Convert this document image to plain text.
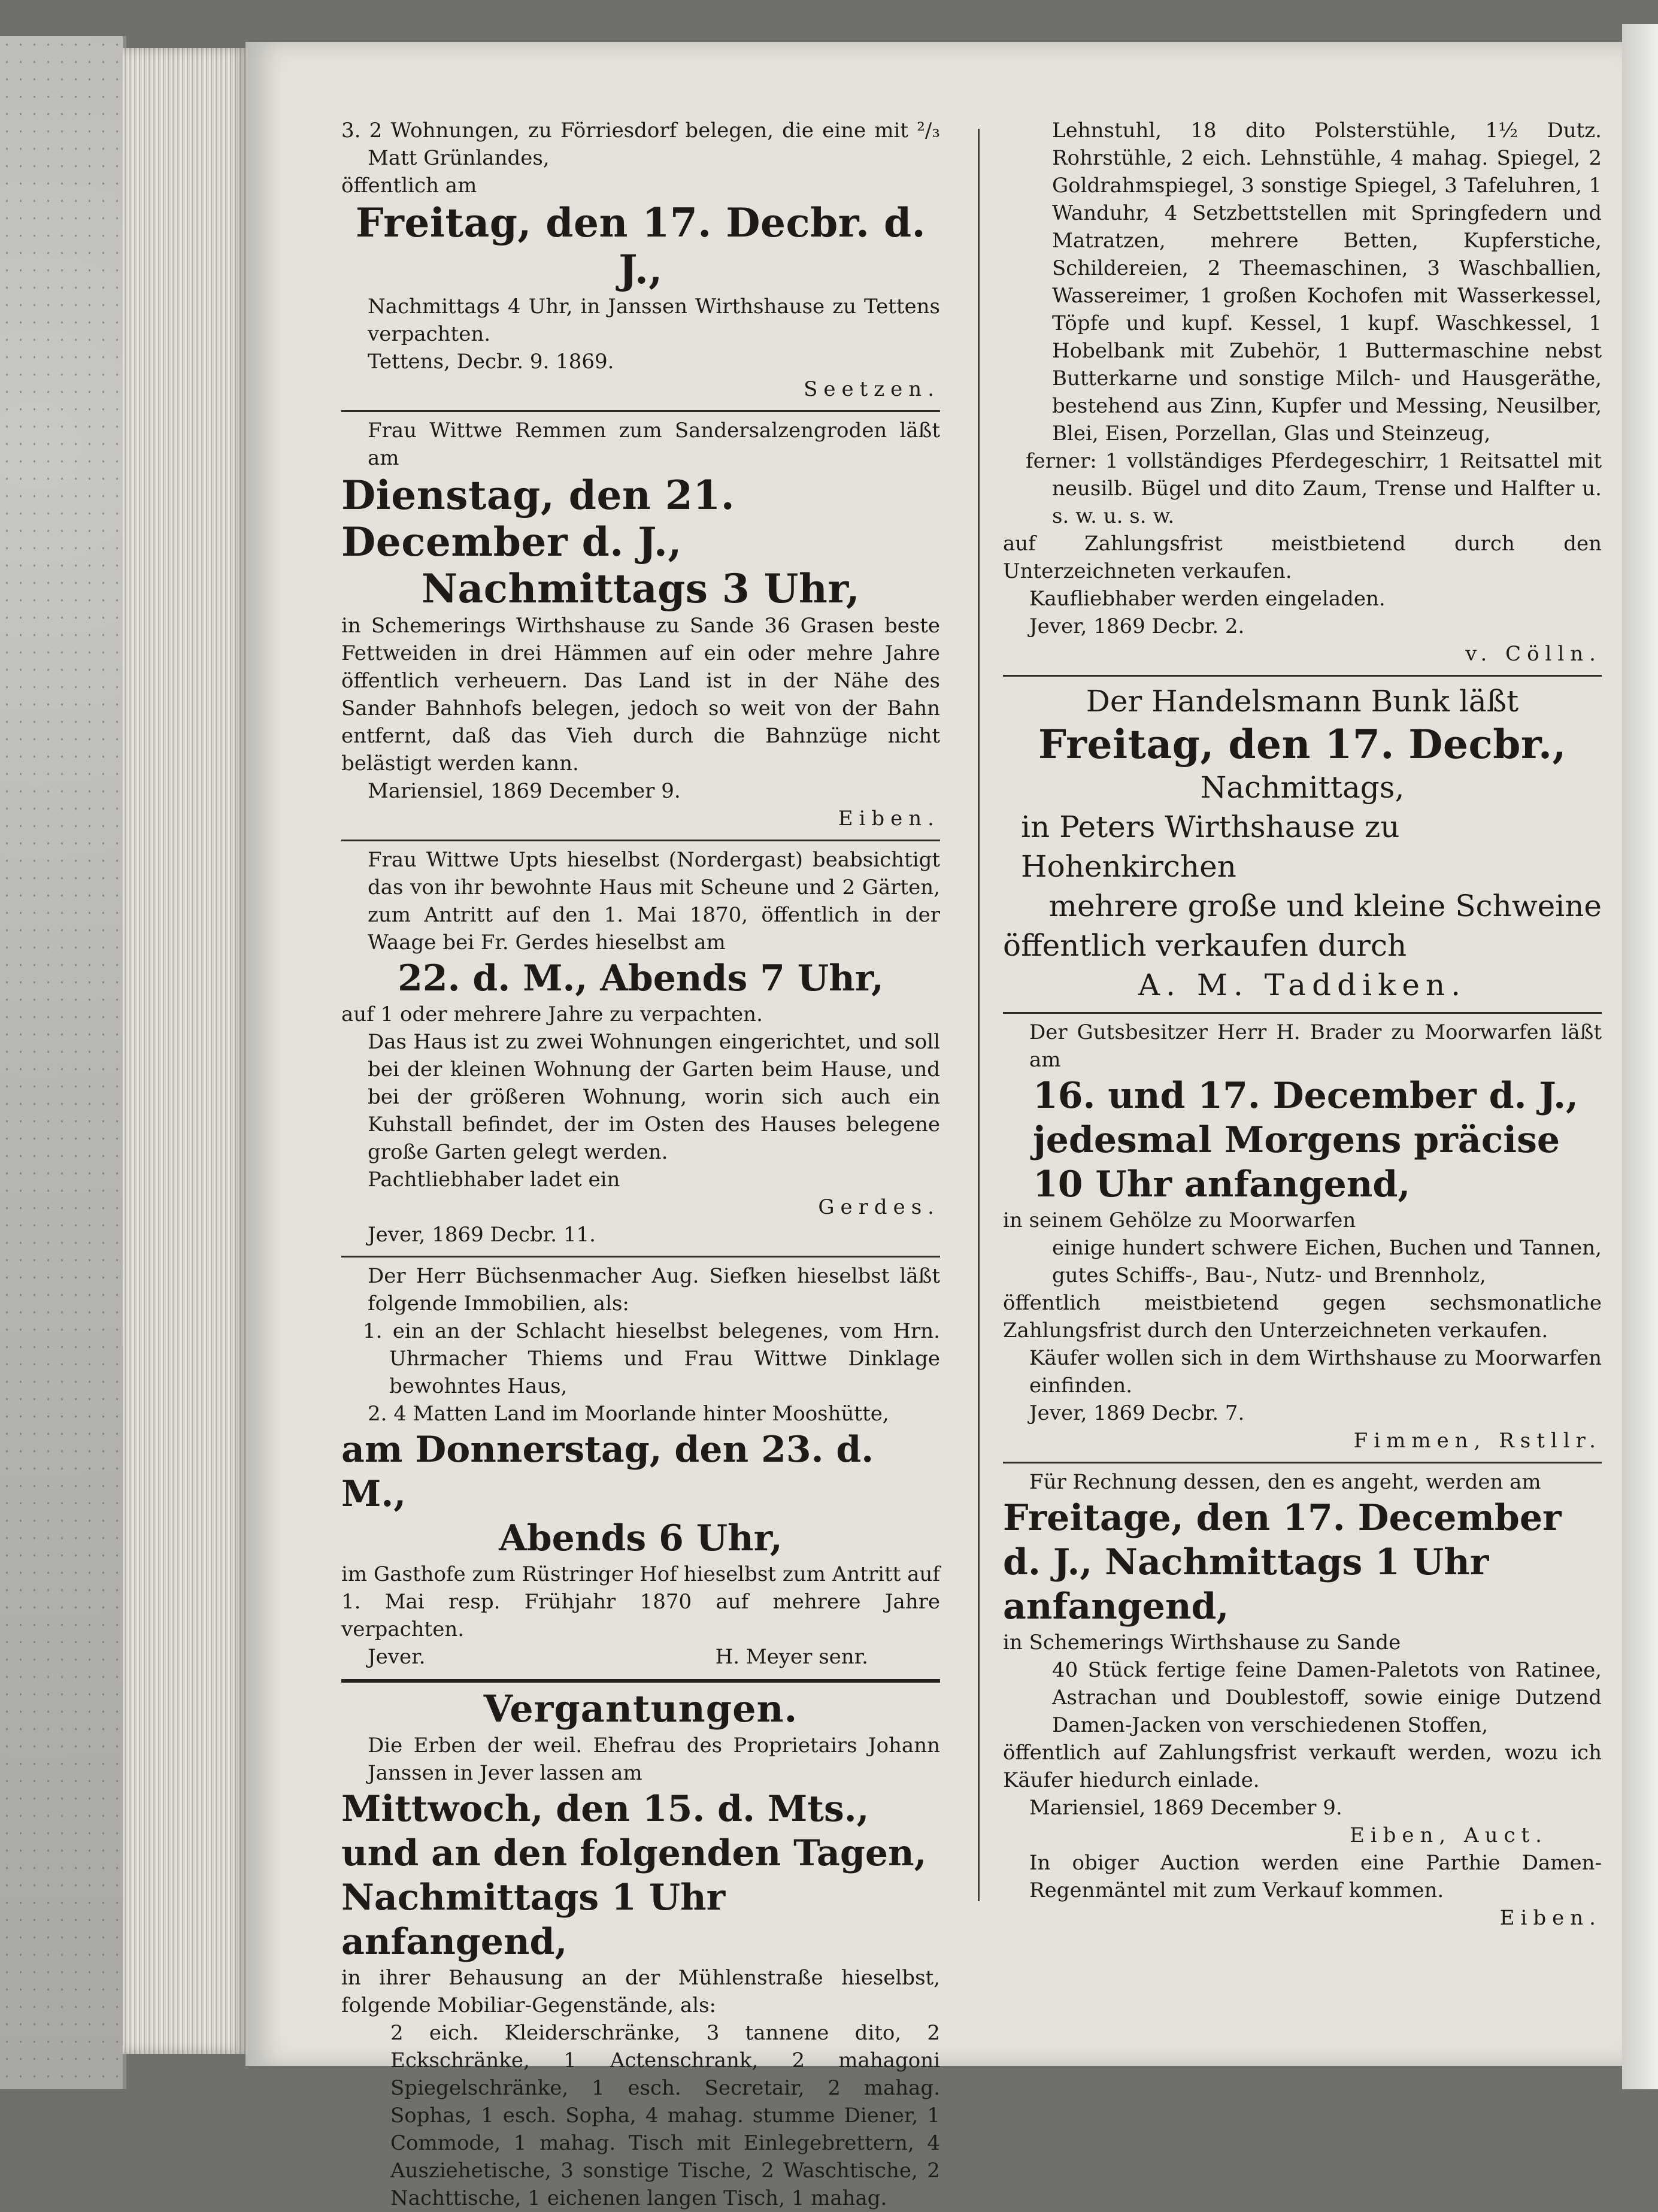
3. 2 Wohnungen, zu Förriesdorf belegen, die eine mit ²/₃ Matt Grünlandes,

öffentlich am

Freitag, den 17. Decbr. d. J.,

Nachmittags 4 Uhr, in Janssen Wirthshause zu Tettens verpachten.

Tettens, Decbr. 9. 1869.

Seetzen.

Frau Wittwe Remmen zum Sandersalzengroden läßt am

Dienstag, den 21. December d. J.,

Nachmittags 3 Uhr,

in Schemerings Wirthshause zu Sande 36 Grasen beste Fettweiden in drei Hämmen auf ein oder mehre Jahre öffentlich verheuern. Das Land ist in der Nähe des Sander Bahnhofs belegen, jedoch so weit von der Bahn entfernt, daß das Vieh durch die Bahnzüge nicht belästigt werden kann.

Mariensiel, 1869 December 9.

Eiben.

Frau Wittwe Upts hieselbst (Nordergast) beabsichtigt das von ihr bewohnte Haus mit Scheune und 2 Gärten, zum Antritt auf den 1. Mai 1870, öffentlich in der Waage bei Fr. Gerdes hieselbst am

22. d. M., Abends 7 Uhr,

auf 1 oder mehrere Jahre zu verpachten.

Das Haus ist zu zwei Wohnungen eingerichtet, und soll bei der kleinen Wohnung der Garten beim Hause, und bei der größeren Wohnung, worin sich auch ein Kuhstall befindet, der im Osten des Hauses belegene große Garten gelegt werden.

Pachtliebhaber ladet ein

Gerdes.

Jever, 1869 Decbr. 11.

Der Herr Büchsenmacher Aug. Siefken hieselbst läßt folgende Immobilien, als:

1. ein an der Schlacht hieselbst belegenes, vom Hrn. Uhrmacher Thiems und Frau Wittwe Dinklage bewohntes Haus,

2. 4 Matten Land im Moorlande hinter Mooshütte,

am Donnerstag, den 23. d. M.,

Abends 6 Uhr,

im Gasthofe zum Rüstringer Hof hieselbst zum Antritt auf 1. Mai resp. Frühjahr 1870 auf mehrere Jahre verpachten.

Jever.	H. Meyer senr.

Vergantungen.

Die Erben der weil. Ehefrau des Proprietairs Johann Janssen in Jever lassen am

Mittwoch, den 15. d. Mts., und an den folgenden Tagen, Nachmittags 1 Uhr anfangend,

in ihrer Behausung an der Mühlenstraße hieselbst, folgende Mobiliar-Gegenstände, als:

2 eich. Kleiderschränke, 3 tannene dito, 2 Eckschränke, 1 Actenschrank, 2 mahagoni Spiegelschränke, 1 esch. Secretair, 2 mahag. Sophas, 1 esch. Sopha, 4 mahag. stumme Diener, 1 Commode, 1 mahag. Tisch mit Einlegebrettern, 4 Ausziehetische, 3 sonstige Tische, 2 Waschtische, 2 Nachttische, 1 eichenen langen Tisch, 1 mahag.

Lehnstuhl, 18 dito Polsterstühle, 1½ Dutz. Rohrstühle, 2 eich. Lehnstühle, 4 mahag. Spiegel, 2 Goldrahmspiegel, 3 sonstige Spiegel, 3 Tafeluhren, 1 Wanduhr, 4 Setzbettstellen mit Springfedern und Matratzen, mehrere Betten, Kupferstiche, Schildereien, 2 Theemaschinen, 3 Waschballien, Wassereimer, 1 großen Kochofen mit Wasserkessel, Töpfe und kupf. Kessel, 1 kupf. Waschkessel, 1 Hobelbank mit Zubehör, 1 Buttermaschine nebst Butterkarne und sonstige Milch- und Hausgeräthe, bestehend aus Zinn, Kupfer und Messing, Neusilber, Blei, Eisen, Porzellan, Glas und Steinzeug,

ferner: 1 vollständiges Pferdegeschirr, 1 Reitsattel mit neusilb. Bügel und dito Zaum, Trense und Halfter u. s. w. u. s. w.

auf Zahlungsfrist meistbietend durch den Unterzeichneten verkaufen.

Kaufliebhaber werden eingeladen.

Jever, 1869 Decbr. 2.

v. Cölln.

Der Handelsmann Bunk läßt

Freitag, den 17. Decbr.,

Nachmittags,

in Peters Wirthshause zu Hohenkirchen

mehrere große und kleine Schweine

öffentlich verkaufen durch

A. M. Taddiken.

Der Gutsbesitzer Herr H. Brader zu Moorwarfen läßt am

16. und 17. December d. J., jedesmal Morgens präcise 10 Uhr anfangend,

in seinem Gehölze zu Moorwarfen

einige hundert schwere Eichen, Buchen und Tannen, gutes Schiffs-, Bau-, Nutz- und Brennholz,

öffentlich meistbietend gegen sechsmonatliche Zahlungsfrist durch den Unterzeichneten verkaufen.

Käufer wollen sich in dem Wirthshause zu Moorwarfen einfinden.

Jever, 1869 Decbr. 7.

Fimmen, Rstllr.

Für Rechnung dessen, den es angeht, werden am

Freitage, den 17. December d. J., Nachmittags 1 Uhr anfangend,

in Schemerings Wirthshause zu Sande

40 Stück fertige feine Damen-Paletots von Ratinee, Astrachan und Doublestoff, sowie einige Dutzend Damen-Jacken von verschiedenen Stoffen,

öffentlich auf Zahlungsfrist verkauft werden, wozu ich Käufer hiedurch einlade.

Mariensiel, 1869 December 9.

Eiben, Auct.

In obiger Auction werden eine Parthie Damen-Regenmäntel mit zum Verkauf kommen.

Eiben.
